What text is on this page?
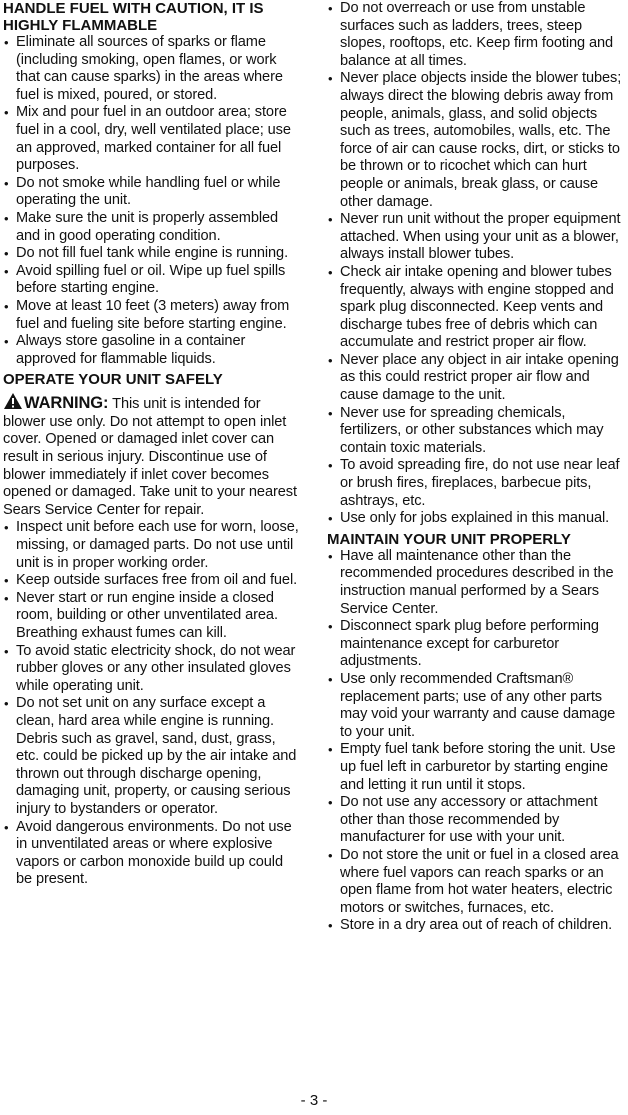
HANDLE FUEL WITH CAUTION, IT IS HIGHLY FLAMMABLE
• Eliminate all sources of sparks or flame (including smoking, open flames, or work that can cause sparks) in the areas where fuel is mixed, poured, or stored.
• Mix and pour fuel in an outdoor area; store fuel in a cool, dry, well ventilated place; use an approved, marked container for all fuel purposes.
• Do not smoke while handling fuel or while operating the unit.
• Make sure the unit is properly assembled and in good operating condition.
• Do not fill fuel tank while engine is running.
• Avoid spilling fuel or oil. Wipe up fuel spills before starting engine.
• Move at least 10 feet (3 meters) away from fuel and fueling site before starting engine.
• Always store gasoline in a container approved for flammable liquids.
OPERATE YOUR UNIT SAFELY

WARNING: This unit is intended for blower use only. Do not attempt to open inlet cover. Opened or damaged inlet cover can result in serious injury. Discontinue use of blower immediately if inlet cover becomes opened or damaged. Take unit to your nearest Sears Service Center for repair.

• Inspect unit before each use for worn, loose, missing, or damaged parts. Do not use until unit is in proper working order.
• Keep outside surfaces free from oil and fuel.
• Never start or run engine inside a closed room, building or other unventilated area. Breathing exhaust fumes can kill.
• To avoid static electricity shock, do not wear rubber gloves or any other insulated gloves while operating unit.
• Do not set unit on any surface except a clean, hard area while engine is running. Debris such as gravel, sand, dust, grass, etc. could be picked up by the air intake and thrown out through discharge opening, damaging unit, property, or causing serious injury to bystanders or operator.
• Avoid dangerous environments. Do not use in unventilated areas or where explosive vapors or carbon monoxide build up could be present.
• Do not overreach or use from unstable surfaces such as ladders, trees, steep slopes, rooftops, etc. Keep firm footing and balance at all times.
• Never place objects inside the blower tubes; always direct the blowing debris away from people, animals, glass, and solid objects such as trees, automobiles, walls, etc. The force of air can cause rocks, dirt, or sticks to be thrown or to ricochet which can hurt people or animals, break glass, or cause other damage.
• Never run unit without the proper equipment attached. When using your unit as a blower, always install blower tubes.
• Check air intake opening and blower tubes frequently, always with engine stopped and spark plug disconnected. Keep vents and discharge tubes free of debris which can accumulate and restrict proper air flow.
• Never place any object in air intake opening as this could restrict proper air flow and cause damage to the unit.
• Never use for spreading chemicals, fertilizers, or other substances which may contain toxic materials.
• To avoid spreading fire, do not use near leaf or brush fires, fireplaces, barbecue pits, ashtrays, etc.
• Use only for jobs explained in this manual.
MAINTAIN YOUR UNIT PROPERLY
• Have all maintenance other than the recommended procedures described in the instruction manual performed by a Sears Service Center.
• Disconnect spark plug before performing maintenance except for carburetor adjustments.
• Use only recommended Craftsman® replacement parts; use of any other parts may void your warranty and cause damage to your unit.
• Empty fuel tank before storing the unit. Use up fuel left in carburetor by starting engine and letting it run until it stops.
• Do not use any accessory or attachment other than those recommended by manufacturer for use with your unit.
• Do not store the unit or fuel in a closed area where fuel vapors can reach sparks or an open flame from hot water heaters, electric motors or switches, furnaces, etc.
• Store in a dry area out of reach of children.
- 3 -
